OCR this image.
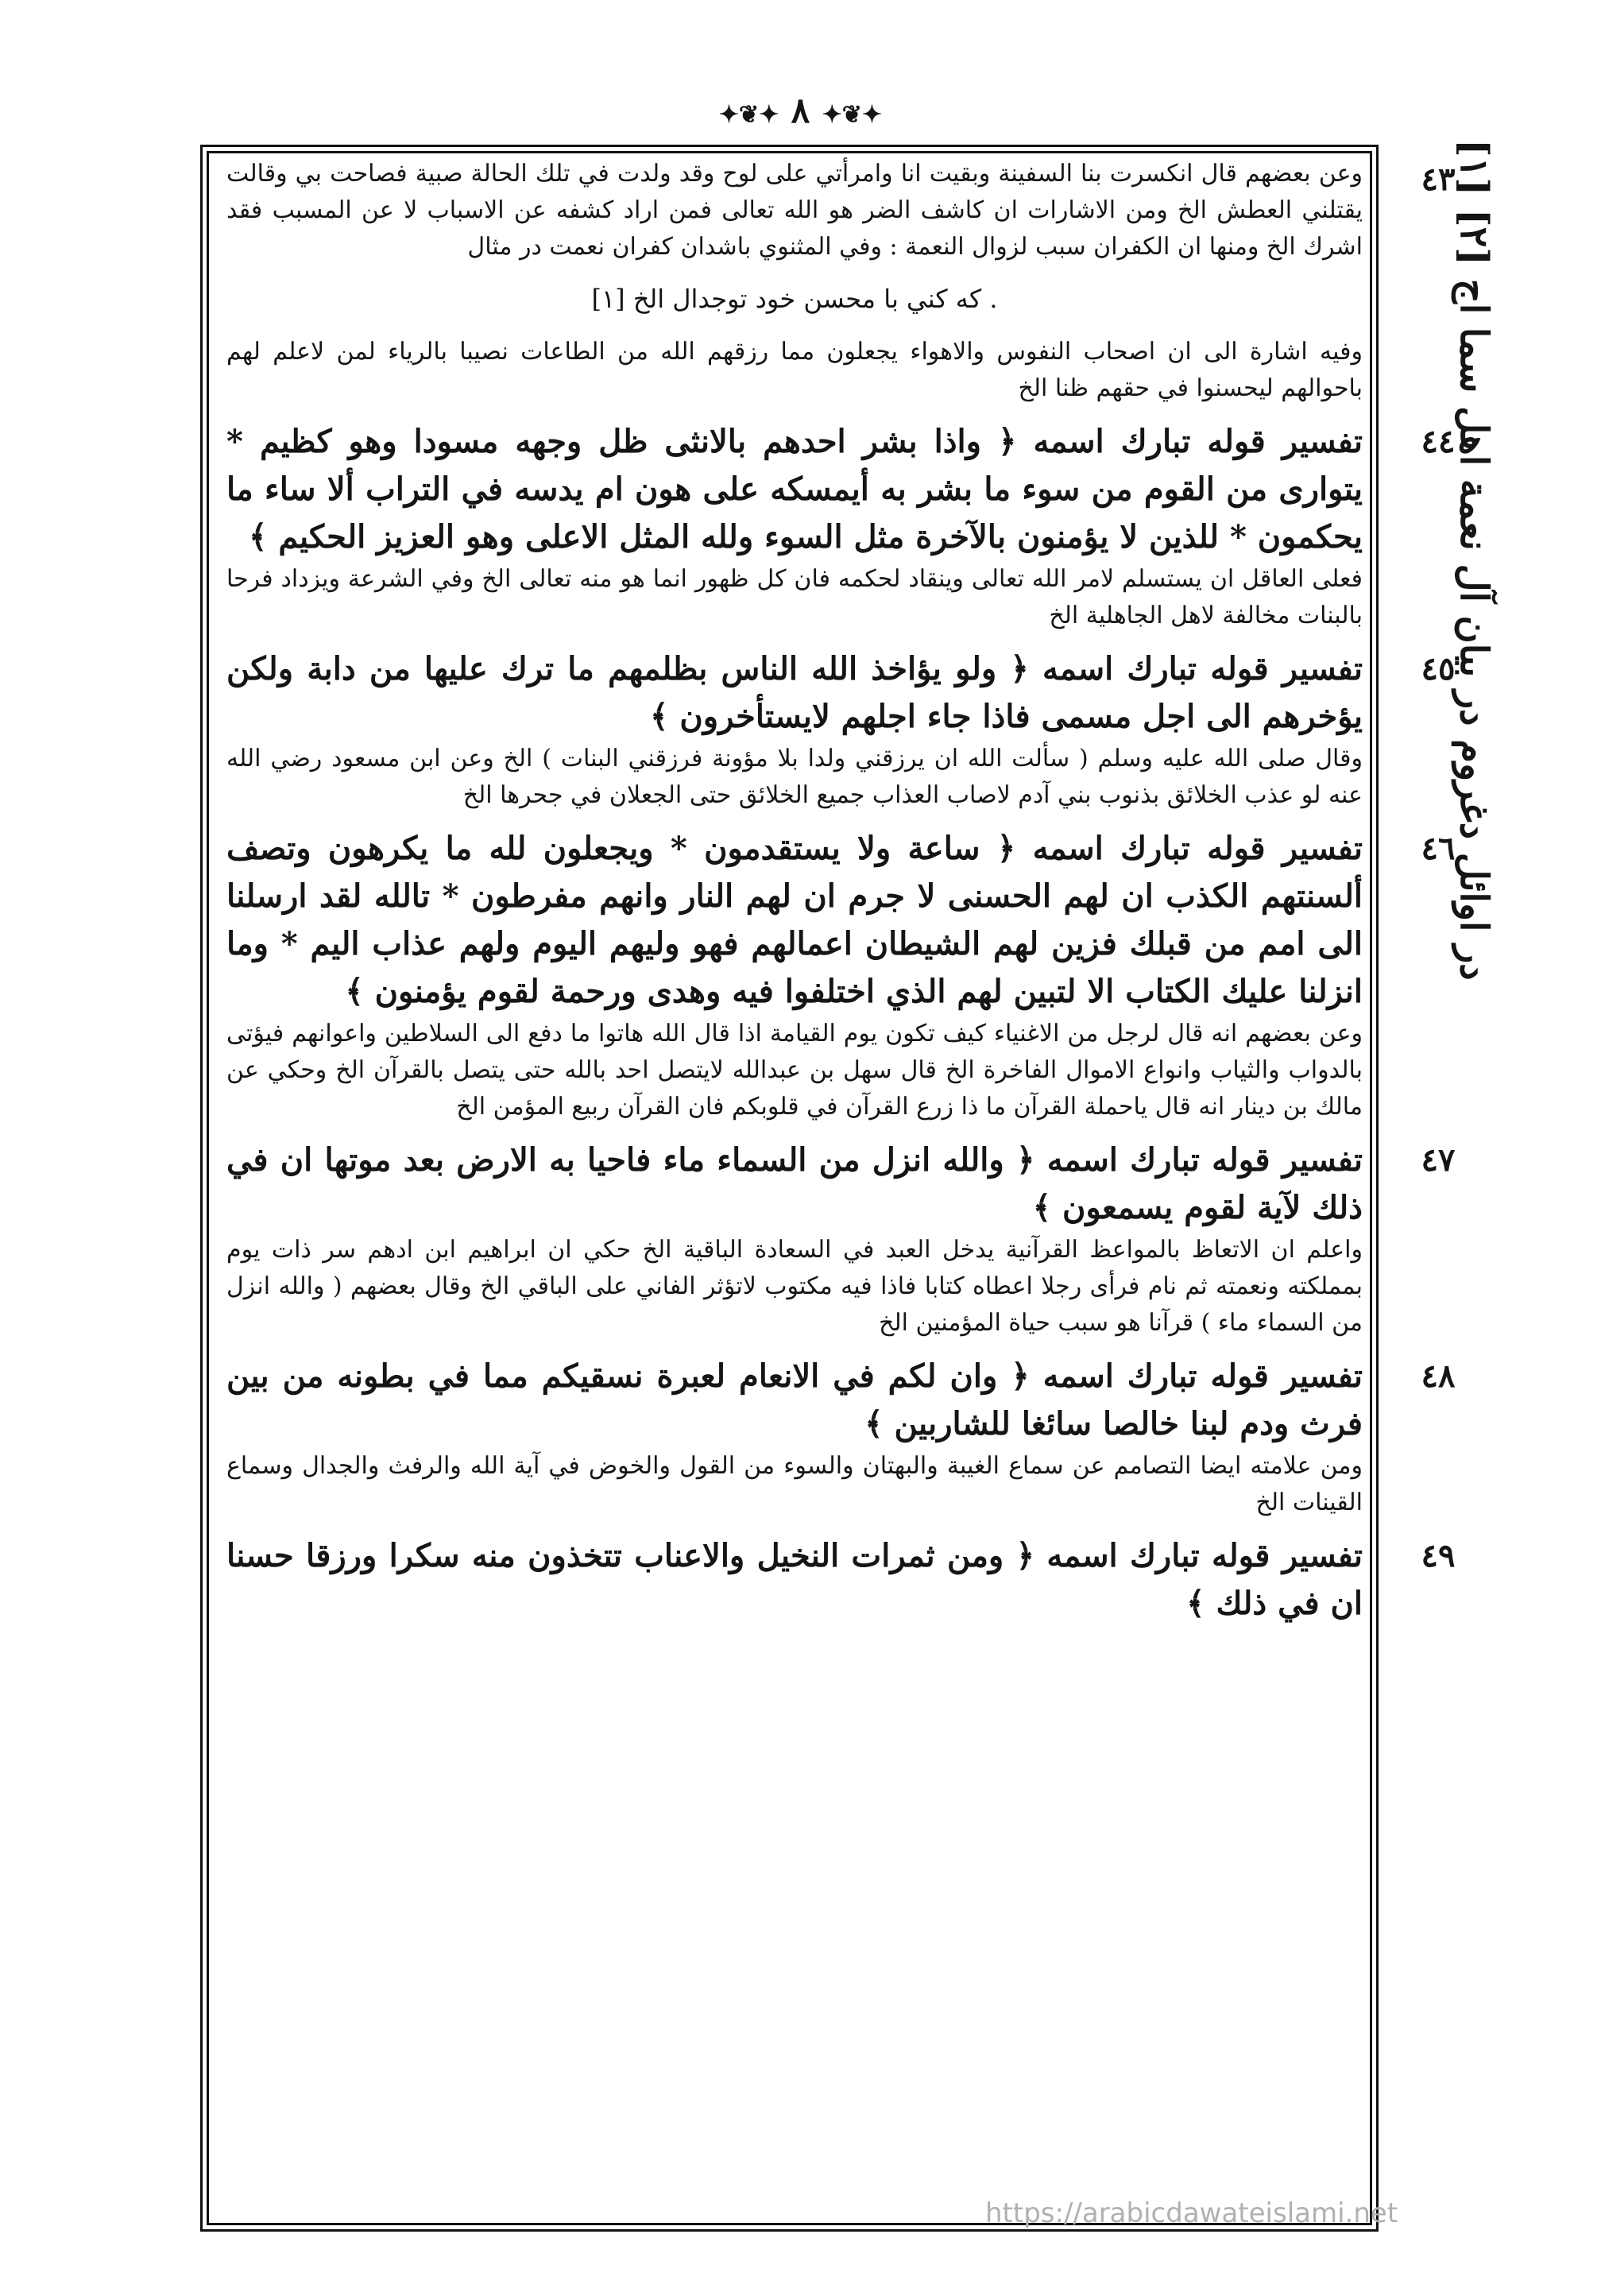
✦❦✦ ٨ ✦❦✦
[١] در اوائل دغروم در بيان آل نعمة اهل سما اج [٢]
٤٣
وعن بعضهم قال انكسرت بنا السفينة وبقيت انا وامرأتي على لوح وقد ولدت في تلك الحالة صبية فصاحت بي وقالت يقتلني العطش الخ ومن الاشارات ان كاشف الضر هو الله تعالى فمن اراد كشفه عن الاسباب لا عن المسبب فقد اشرك الخ ومنها ان الكفران سبب لزوال النعمة : وفي المثنوي باشدان كفران نعمت در مثال
. كه كني با محسن خود توجدال الخ [١]
وفيه اشارة الى ان اصحاب النفوس والاهواء يجعلون مما رزقهم الله من الطاعات نصيبا بالرياء لمن لاعلم لهم باحوالهم ليحسنوا في حقهم ظنا الخ
٤٤
تفسير قوله تبارك اسمه ﴿ واذا بشر احدهم بالانثى ظل وجهه مسودا وهو كظيم * يتوارى من القوم من سوء ما بشر به أيمسكه على هون ام يدسه في التراب ألا ساء ما يحكمون * للذين لا يؤمنون بالآخرة مثل السوء ولله المثل الاعلى وهو العزيز الحكيم ﴾
فعلى العاقل ان يستسلم لامر الله تعالى وينقاد لحكمه فان كل ظهور انما هو منه تعالى الخ وفي الشرعة ويزداد فرحا بالبنات مخالفة لاهل الجاهلية الخ
٤٥
تفسير قوله تبارك اسمه ﴿ ولو يؤاخذ الله الناس بظلمهم ما ترك عليها من دابة ولكن يؤخرهم الى اجل مسمى فاذا جاء اجلهم لايستأخرون ﴾
وقال صلى الله عليه وسلم ( سألت الله ان يرزقني ولدا بلا مؤونة فرزقني البنات ) الخ وعن ابن مسعود رضي الله عنه لو عذب الخلائق بذنوب بني آدم لاصاب العذاب جميع الخلائق حتى الجعلان في جحرها الخ
٤٦
تفسير قوله تبارك اسمه ﴿ ساعة ولا يستقدمون * ويجعلون لله ما يكرهون وتصف ألسنتهم الكذب ان لهم الحسنى لا جرم ان لهم النار وانهم مفرطون * تالله لقد ارسلنا الى امم من قبلك فزين لهم الشيطان اعمالهم فهو وليهم اليوم ولهم عذاب اليم * وما انزلنا عليك الكتاب الا لتبين لهم الذي اختلفوا فيه وهدى ورحمة لقوم يؤمنون ﴾
وعن بعضهم انه قال لرجل من الاغنياء كيف تكون يوم القيامة اذا قال الله هاتوا ما دفع الى السلاطين واعوانهم فيؤتى بالدواب والثياب وانواع الاموال الفاخرة الخ قال سهل بن عبدالله لايتصل احد بالله حتى يتصل بالقرآن الخ وحكي عن مالك بن دينار انه قال ياحملة القرآن ما ذا زرع القرآن في قلوبكم فان القرآن ربيع المؤمن الخ
٤٧
تفسير قوله تبارك اسمه ﴿ والله انزل من السماء ماء فاحيا به الارض بعد موتها ان في ذلك لآية لقوم يسمعون ﴾
واعلم ان الاتعاظ بالمواعظ القرآنية يدخل العبد في السعادة الباقية الخ حكي ان ابراهيم ابن ادهم سر ذات يوم بمملكته ونعمته ثم نام فرأى رجلا اعطاه كتابا فاذا فيه مكتوب لاتؤثر الفاني على الباقي الخ وقال بعضهم ( والله انزل من السماء ماء ) قرآنا هو سبب حياة المؤمنين الخ
٤٨
تفسير قوله تبارك اسمه ﴿ وان لكم في الانعام لعبرة نسقيكم مما في بطونه من بين فرث ودم لبنا خالصا سائغا للشاربين ﴾
ومن علامته ايضا التصامم عن سماع الغيبة والبهتان والسوء من القول والخوض في آية الله والرفث والجدال وسماع القينات الخ
٤٩
تفسير قوله تبارك اسمه ﴿ ومن ثمرات النخيل والاعناب تتخذون منه سكرا ورزقا حسنا ان في ذلك ﴾
https://arabicdawateislami.net
